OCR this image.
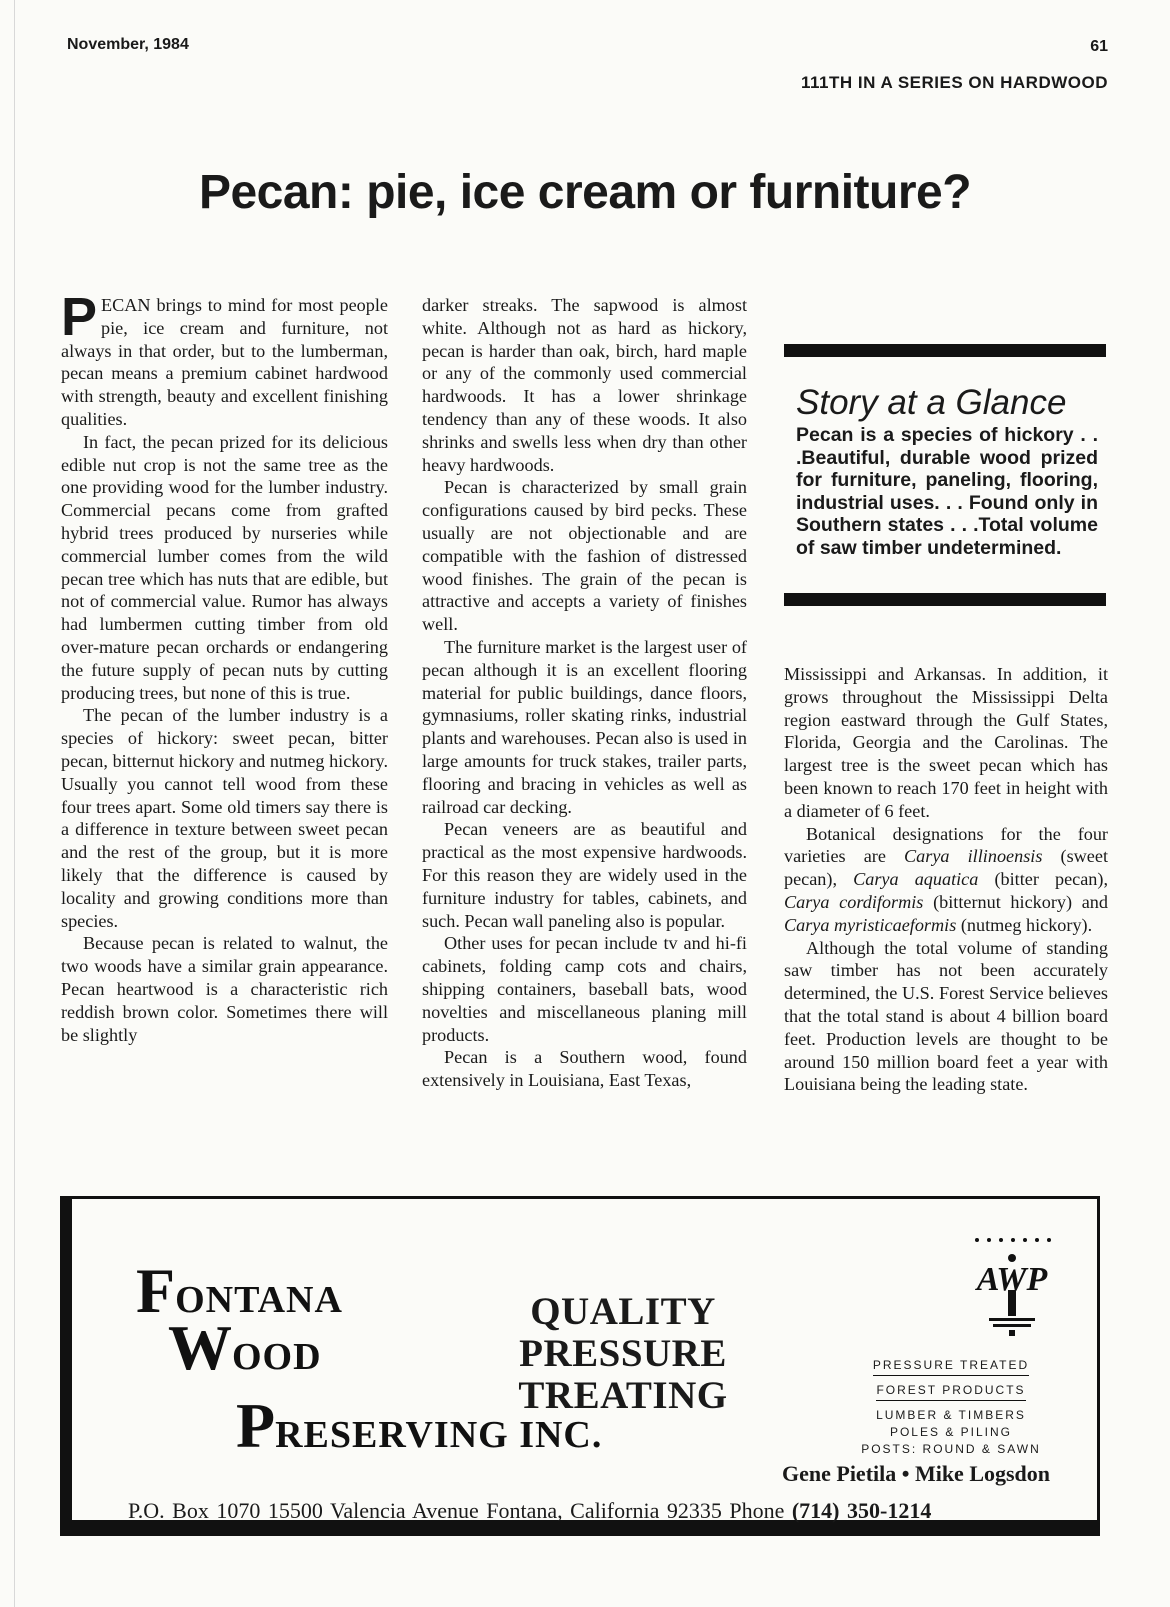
November, 1984	61
111TH IN A SERIES ON HARDWOOD
Pecan: pie, ice cream or furniture?

PECAN brings to mind for most people pie, ice cream and furniture, not always in that order, but to the lumberman, pecan means a premium cabinet hardwood with strength, beauty and excellent finishing qualities.

In fact, the pecan prized for its delicious edible nut crop is not the same tree as the one providing wood for the lumber industry. Commercial pecans come from grafted hybrid trees produced by nurseries while commercial lumber comes from the wild pecan tree which has nuts that are edible, but not of commercial value. Rumor has always had lumbermen cutting timber from old over-mature pecan orchards or endangering the future supply of pecan nuts by cutting producing trees, but none of this is true.

The pecan of the lumber industry is a species of hickory: sweet pecan, bitter pecan, bitternut hickory and nutmeg hickory. Usually you cannot tell wood from these four trees apart. Some old timers say there is a difference in texture between sweet pecan and the rest of the group, but it is more likely that the difference is caused by locality and growing conditions more than species.

Because pecan is related to walnut, the two woods have a similar grain appearance. Pecan heartwood is a characteristic rich reddish brown color. Sometimes there will be slightly

darker streaks. The sapwood is almost white. Although not as hard as hickory, pecan is harder than oak, birch, hard maple or any of the commonly used commercial hardwoods. It has a lower shrinkage tendency than any of these woods. It also shrinks and swells less when dry than other heavy hardwoods.

Pecan is characterized by small grain configurations caused by bird pecks. These usually are not objectionable and are compatible with the fashion of distressed wood finishes. The grain of the pecan is attractive and accepts a variety of finishes well.

The furniture market is the largest user of pecan although it is an excellent flooring material for public buildings, dance floors, gymnasiums, roller skating rinks, industrial plants and warehouses. Pecan also is used in large amounts for truck stakes, trailer parts, flooring and bracing in vehicles as well as railroad car decking.

Pecan veneers are as beautiful and practical as the most expensive hardwoods. For this reason they are widely used in the furniture industry for tables, cabinets, and such. Pecan wall paneling also is popular.

Other uses for pecan include tv and hi-fi cabinets, folding camp cots and chairs, shipping containers, baseball bats, wood novelties and miscellaneous planing mill products.

Pecan is a Southern wood, found extensively in Louisiana, East Texas,

Story at a Glance
Pecan is a species of hickory . . .Beautiful, durable wood prized for furniture, paneling, flooring, industrial uses. . . Found only in Southern states . . .Total volume of saw timber undetermined.

Mississippi and Arkansas. In addition, it grows throughout the Mississippi Delta region eastward through the Gulf States, Florida, Georgia and the Carolinas. The largest tree is the sweet pecan which has been known to reach 170 feet in height with a diameter of 6 feet.

Botanical designations for the four varieties are Carya illinoensis (sweet pecan), Carya aquatica (bitter pecan), Carya cordiformis (bitternut hickory) and Carya myristicaeformis (nutmeg hickory).

Although the total volume of standing saw timber has not been accurately determined, the U.S. Forest Service believes that the total stand is about 4 billion board feet. Production levels are thought to be around 150 million board feet a year with Louisiana being the leading state.

FONTANA
WOOD
PRESERVING INC.
QUALITY PRESSURE
TREATING
AWP
PRESSURE TREATED FOREST PRODUCTS
LUMBER & TIMBERS
POLES & PILING
POSTS: ROUND & SAWN
Gene Pietila • Mike Logsdon
P.O. Box 1070 15500 Valencia Avenue Fontana, California 92335 Phone (714) 350-1214
